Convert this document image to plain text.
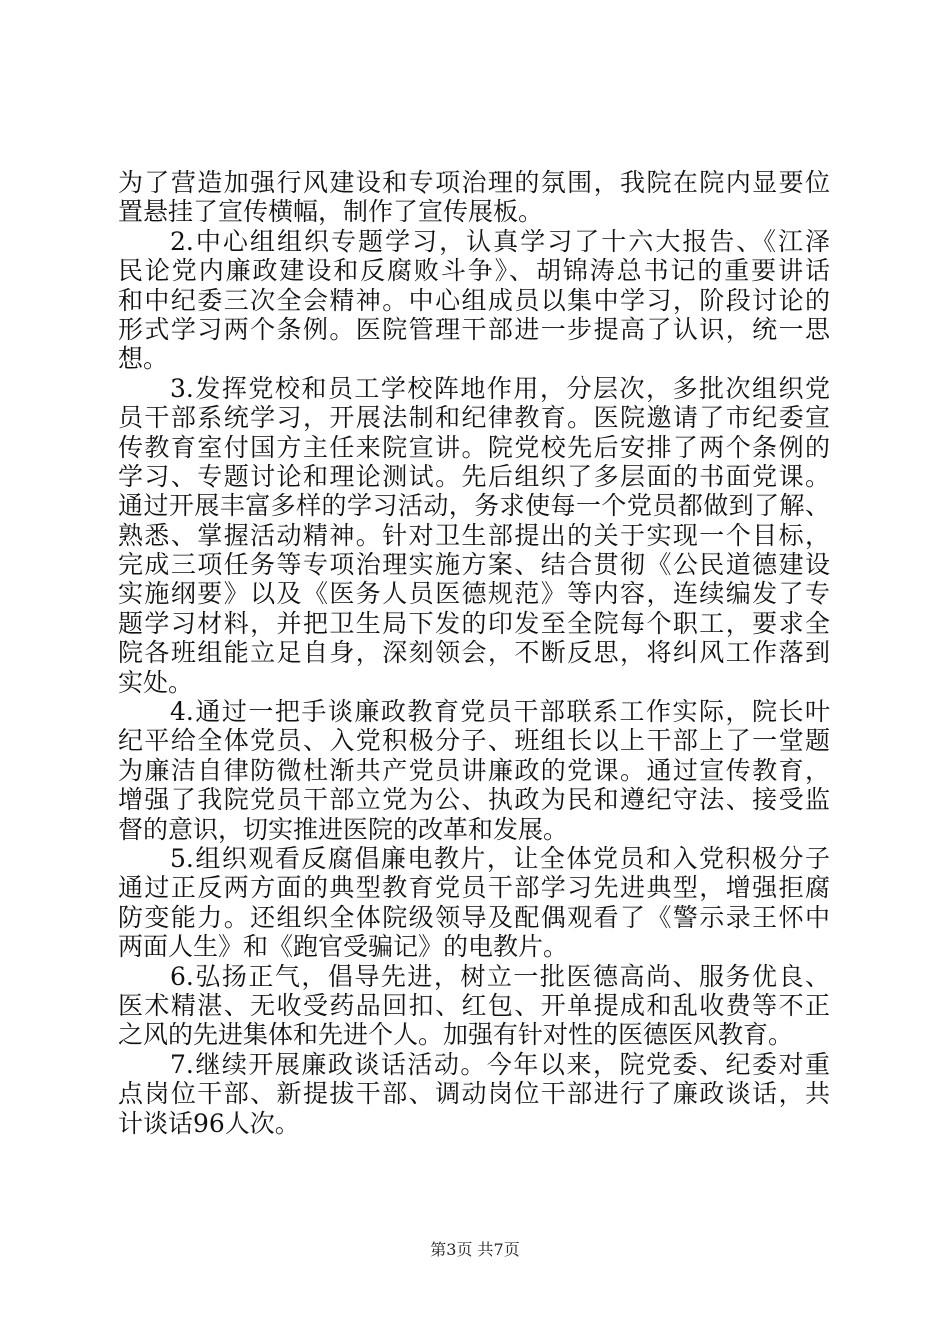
为了营造加强行风建设和专项治理的氛围，我院在院内显要位
置悬挂了宣传横幅，制作了宣传展板。
2.中心组组织专题学习，认真学习了十六大报告、《江泽
民论党内廉政建设和反腐败斗争》、胡锦涛总书记的重要讲话
和中纪委三次全会精神。中心组成员以集中学习，阶段讨论的
形式学习两个条例。医院管理干部进一步提高了认识，统一思
想。
3.发挥党校和员工学校阵地作用，分层次，多批次组织党
员干部系统学习，开展法制和纪律教育。医院邀请了市纪委宣
传教育室付国方主任来院宣讲。院党校先后安排了两个条例的
学习、专题讨论和理论测试。先后组织了多层面的书面党课。
通过开展丰富多样的学习活动，务求使每一个党员都做到了解、
熟悉、掌握活动精神。针对卫生部提出的关于实现一个目标，
完成三项任务等专项治理实施方案、结合贯彻《公民道德建设
实施纲要》以及《医务人员医德规范》等内容，连续编发了专
题学习材料，并把卫生局下发的印发至全院每个职工，要求全
院各班组能立足自身，深刻领会，不断反思，将纠风工作落到
实处。
4.通过一把手谈廉政教育党员干部联系工作实际，院长叶
纪平给全体党员、入党积极分子、班组长以上干部上了一堂题
为廉洁自律防微杜渐共产党员讲廉政的党课。通过宣传教育，
增强了我院党员干部立党为公、执政为民和遵纪守法、接受监
督的意识，切实推进医院的改革和发展。
5.组织观看反腐倡廉电教片，让全体党员和入党积极分子
通过正反两方面的典型教育党员干部学习先进典型，增强拒腐
防变能力。还组织全体院级领导及配偶观看了《警示录王怀中
两面人生》和《跑官受骗记》的电教片。
6.弘扬正气，倡导先进，树立一批医德高尚、服务优良、
医术精湛、无收受药品回扣、红包、开单提成和乱收费等不正
之风的先进集体和先进个人。加强有针对性的医德医风教育。
7.继续开展廉政谈话活动。今年以来，院党委、纪委对重
点岗位干部、新提拔干部、调动岗位干部进行了廉政谈话，共
计谈话96人次。
第3页 共7页
